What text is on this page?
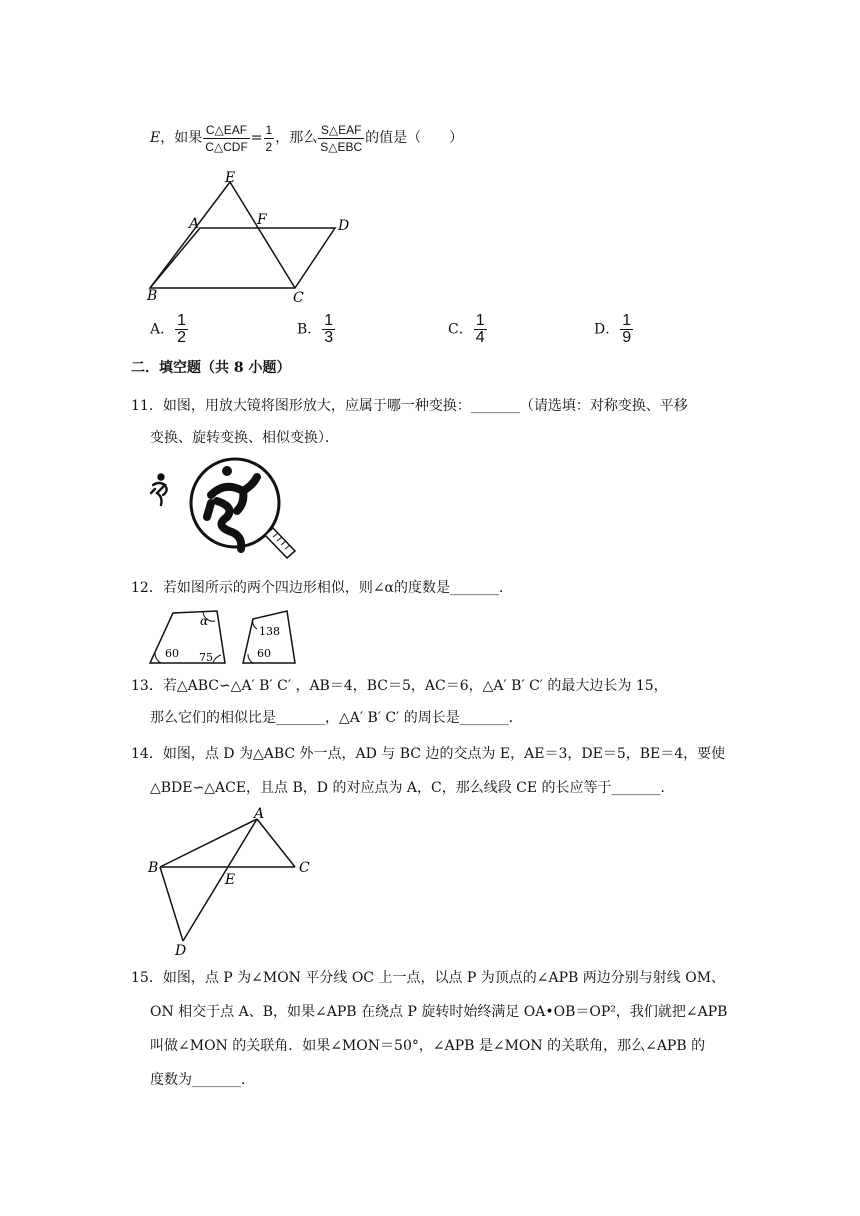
E，如果 $\frac{\text{C△EAF}}{\text{C△CDF}} = \frac{1}{2}$ ，那么 $\frac{\text{S△EAF}}{\text{S△EBC}}$ 的值是（　　）
E
A	F	D
B	C
A． $\frac{1}{2}$	B． $\frac{1}{3}$	C． $\frac{1}{4}$	D． $\frac{1}{9}$
二．填空题（共 8 小题）
11．如图，用放大镜将图形放大，应属于哪一种变换：_______（请选填：对称变换、平移
变换、旋转变换、相似变换）．
12．若如图所示的两个四边形相似，则∠α的度数是_______．
α
60 75
138
60
13．若△ABC∽△A′ B′ C′ ，AB＝4，BC＝5，AC＝6，△A′ B′ C′ 的最大边长为 15，
那么它们的相似比是_______，△A′ B′ C′ 的周长是_______．
14．如图，点 D 为△ABC 外一点，AD 与 BC 边的交点为 E，AE＝3，DE＝5，BE＝4，要使
△BDE∽△ACE，且点 B，D 的对应点为 A，C，那么线段 CE 的长应等于_______．
A
B	C
E
D
15．如图，点 P 为∠MON 平分线 OC 上一点，以点 P 为顶点的∠APB 两边分别与射线 OM、
ON 相交于点 A、B，如果∠APB 在绕点 P 旋转时始终满足 OA•OB＝OP²，我们就把∠APB
叫做∠MON 的关联角．如果∠MON＝50°，∠APB 是∠MON 的关联角，那么∠APB 的
度数为_______．
